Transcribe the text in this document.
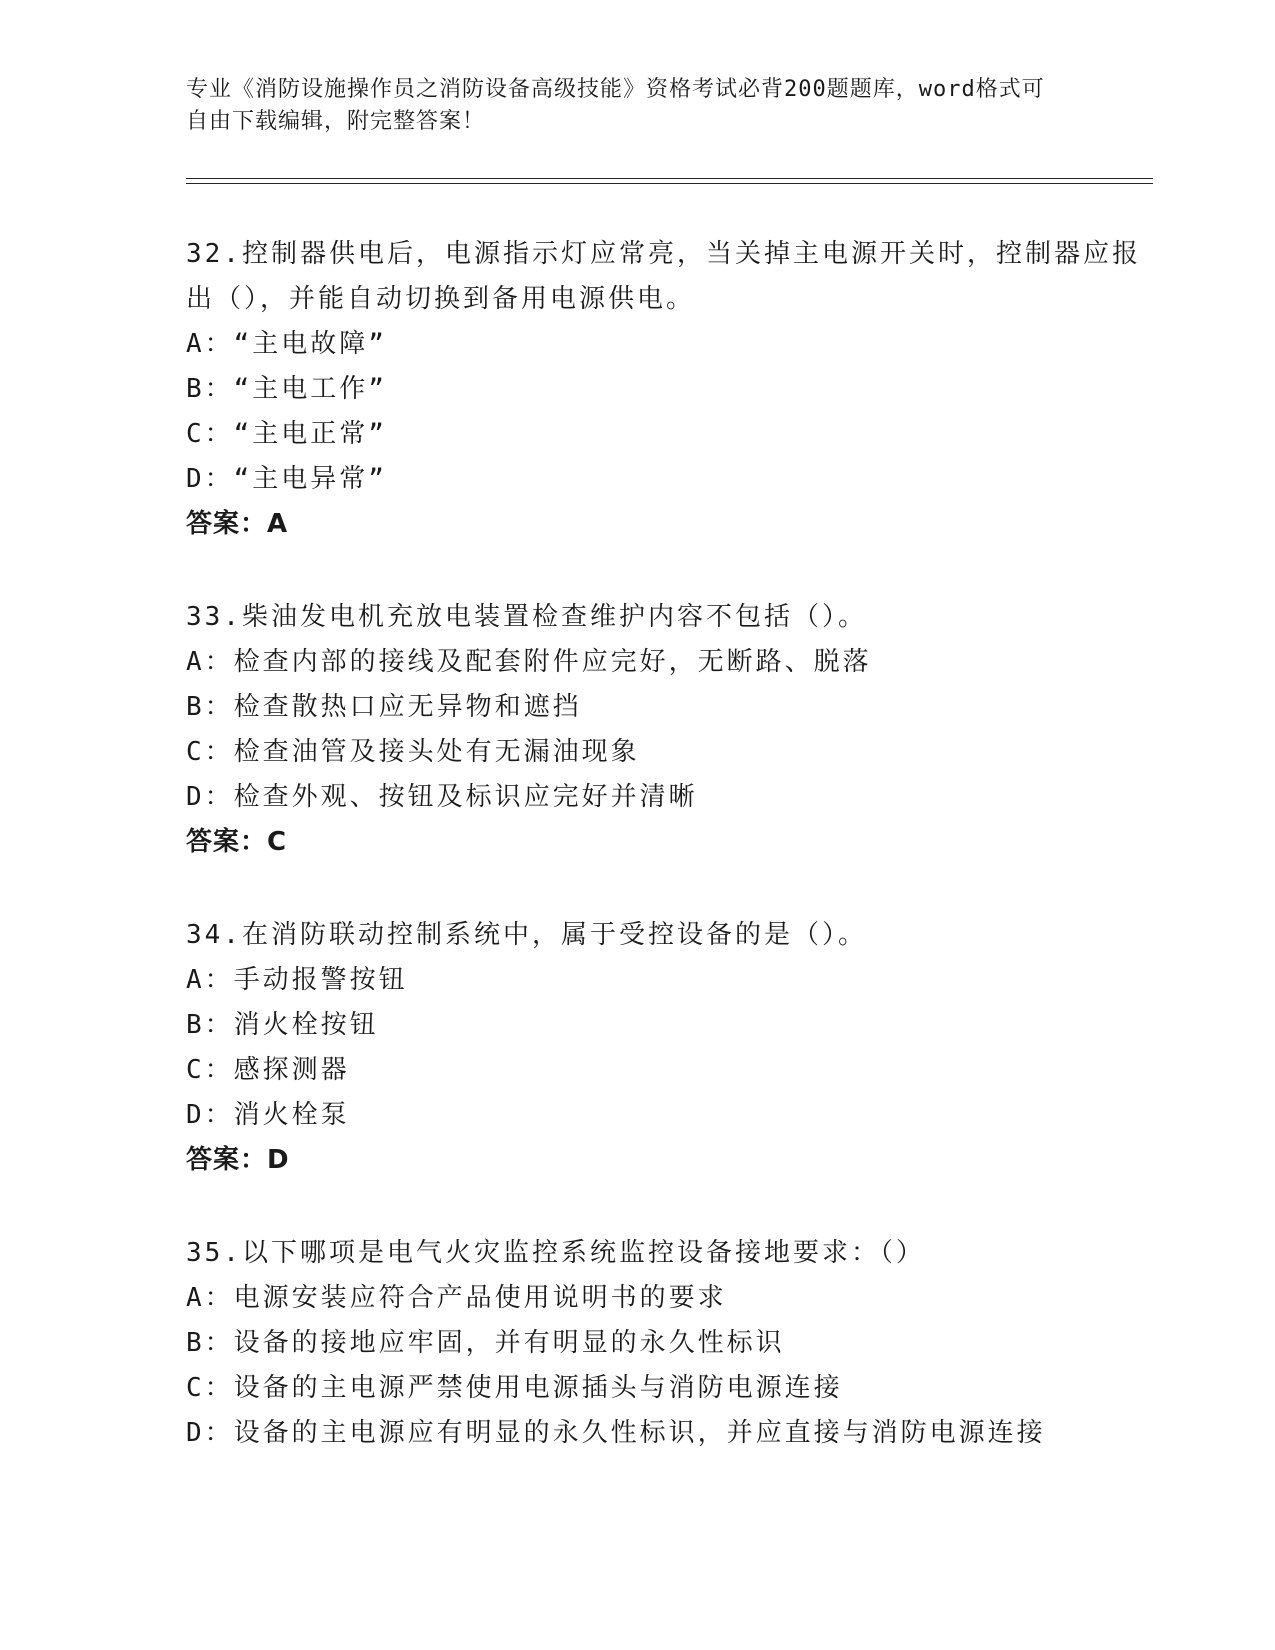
专业《消防设施操作员之消防设备高级技能》资格考试必背200题题库，word格式可自由下载编辑，附完整答案！
32.控制器供电后，电源指示灯应常亮，当关掉主电源开关时，控制器应报出（），并能自动切换到备用电源供电。
A：“主电故障”
B：“主电工作”
C：“主电正常”
D：“主电异常”
答案：A
33.柴油发电机充放电装置检查维护内容不包括（）。
A：检查内部的接线及配套附件应完好，无断路、脱落
B：检查散热口应无异物和遮挡
C：检查油管及接头处有无漏油现象
D：检查外观、按钮及标识应完好并清晰
答案：C
34.在消防联动控制系统中，属于受控设备的是（）。
A：手动报警按钮
B：消火栓按钮
C：感探测器
D：消火栓泵
答案：D
35.以下哪项是电气火灾监控系统监控设备接地要求：（）
A：电源安装应符合产品使用说明书的要求
B：设备的接地应牢固，并有明显的永久性标识
C：设备的主电源严禁使用电源插头与消防电源连接
D：设备的主电源应有明显的永久性标识，并应直接与消防电源连接
